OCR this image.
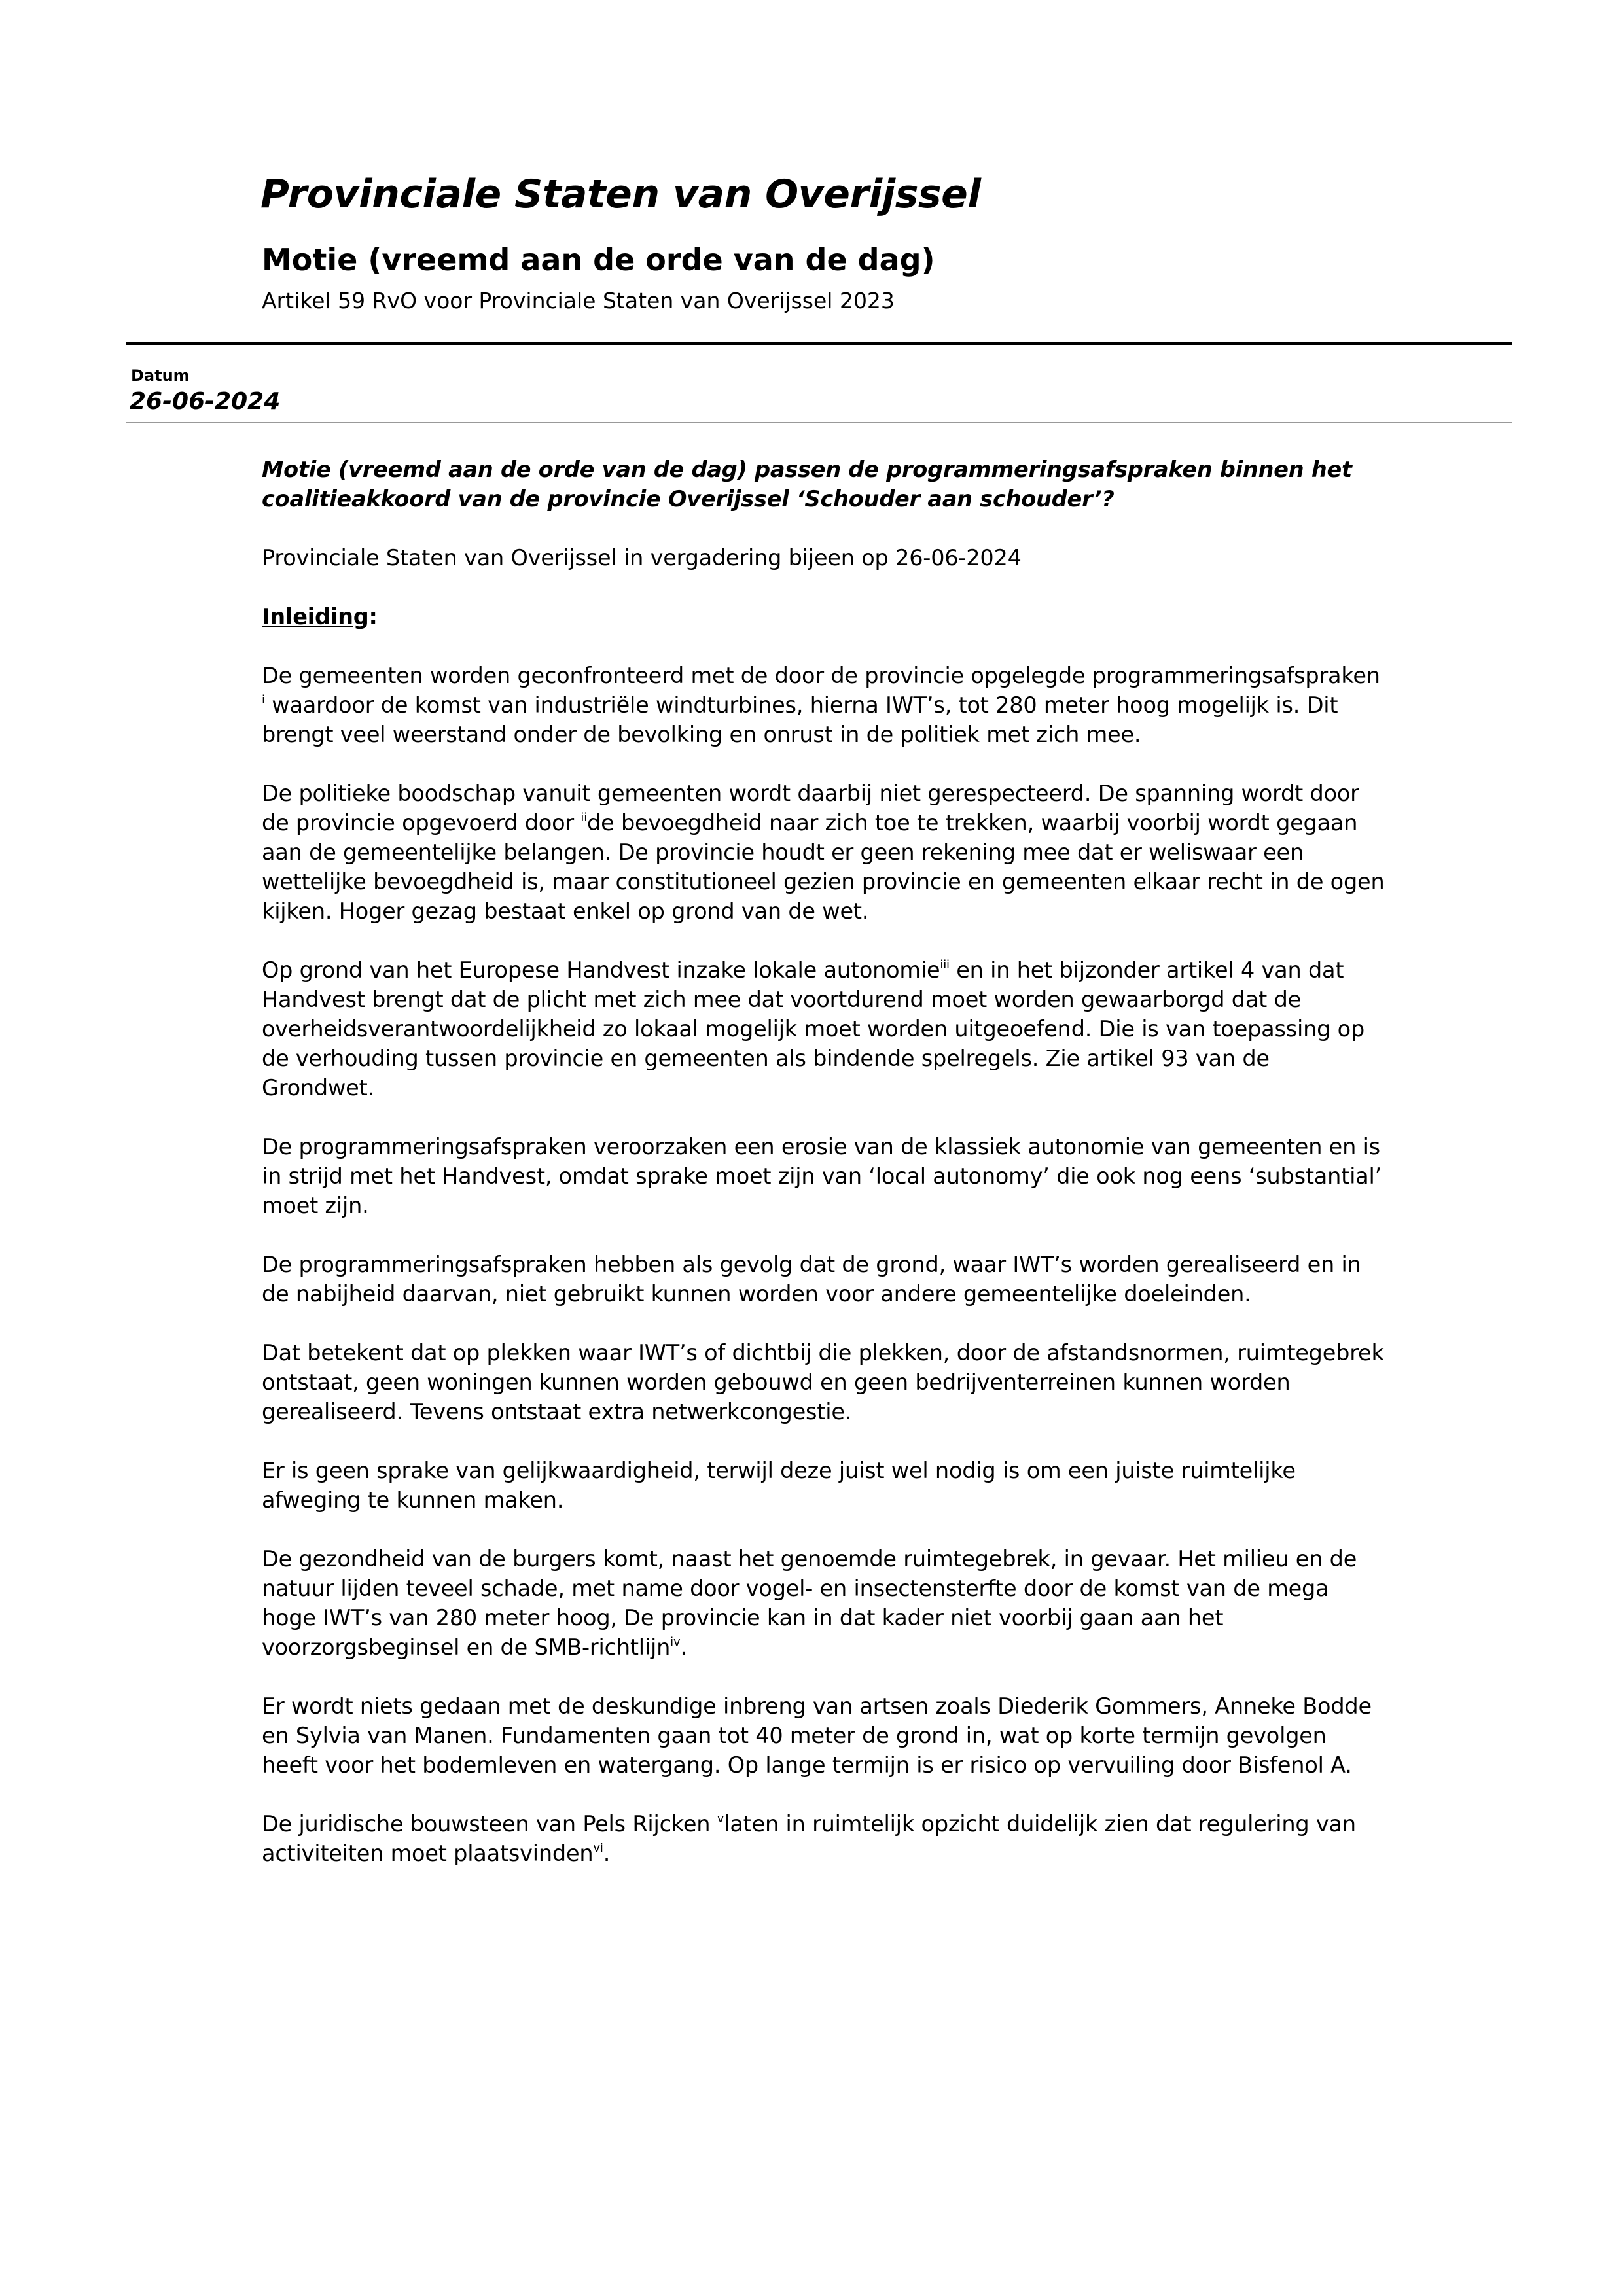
Provinciale Staten van Overijssel
Motie (vreemd aan de orde van de dag)
Artikel 59 RvO voor Provinciale Staten van Overijssel 2023
Datum
26-06-2024

Motie (vreemd aan de orde van de dag) passen de programmeringsafspraken binnen het coalitieakkoord van de provincie Overijssel ‘Schouder aan schouder’?

Provinciale Staten van Overijssel in vergadering bijeen op 26-06-2024

Inleiding:

De gemeenten worden geconfronteerd met de door de provincie opgelegde programmeringsafspraken $^i$ waardoor de komst van industriële windturbines, hierna IWT’s, tot 280 meter hoog mogelijk is. Dit brengt veel weerstand onder de bevolking en onrust in de politiek met zich mee.

De politieke boodschap vanuit gemeenten wordt daarbij niet gerespecteerd. De spanning wordt door de provincie opgevoerd door $^{ii}$de bevoegdheid naar zich toe te trekken, waarbij voorbij wordt gegaan aan de gemeentelijke belangen. De provincie houdt er geen rekening mee dat er weliswaar een wettelijke bevoegdheid is, maar constitutioneel gezien provincie en gemeenten elkaar recht in de ogen kijken. Hoger gezag bestaat enkel op grond van de wet.

Op grond van het Europese Handvest inzake lokale autonomie$^{iii}$ en in het bijzonder artikel 4 van dat Handvest brengt dat de plicht met zich mee dat voortdurend moet worden gewaarborgd dat de overheidsverantwoordelijkheid zo lokaal mogelijk moet worden uitgeoefend. Die is van toepassing op de verhouding tussen provincie en gemeenten als bindende spelregels. Zie artikel 93 van de Grondwet.

De programmeringsafspraken veroorzaken een erosie van de klassiek autonomie van gemeenten en is in strijd met het Handvest, omdat sprake moet zijn van ‘local autonomy’ die ook nog eens ‘substantial’ moet zijn.

De programmeringsafspraken hebben als gevolg dat de grond, waar IWT’s worden gerealiseerd en in de nabijheid daarvan, niet gebruikt kunnen worden voor andere gemeentelijke doeleinden.

Dat betekent dat op plekken waar IWT’s of dichtbij die plekken, door de afstandsnormen, ruimtegebrek ontstaat, geen woningen kunnen worden gebouwd en geen bedrijventerreinen kunnen worden gerealiseerd. Tevens ontstaat extra netwerkcongestie.

Er is geen sprake van gelijkwaardigheid, terwijl deze juist wel nodig is om een juiste ruimtelijke afweging te kunnen maken.

De gezondheid van de burgers komt, naast het genoemde ruimtegebrek, in gevaar. Het milieu en de natuur lijden teveel schade, met name door vogel- en insectensterfte door de komst van de mega hoge IWT’s van 280 meter hoog, De provincie kan in dat kader niet voorbij gaan aan het voorzorgsbeginsel en de SMB-richtlijn$^{iv}$.

Er wordt niets gedaan met de deskundige inbreng van artsen zoals Diederik Gommers, Anneke Bodde en Sylvia van Manen. Fundamenten gaan tot 40 meter de grond in, wat op korte termijn gevolgen heeft voor het bodemleven en watergang. Op lange termijn is er risico op vervuiling door Bisfenol A.

De juridische bouwsteen van Pels Rijcken $^v$laten in ruimtelijk opzicht duidelijk zien dat regulering van activiteiten moet plaatsvinden$^{vi}$.
